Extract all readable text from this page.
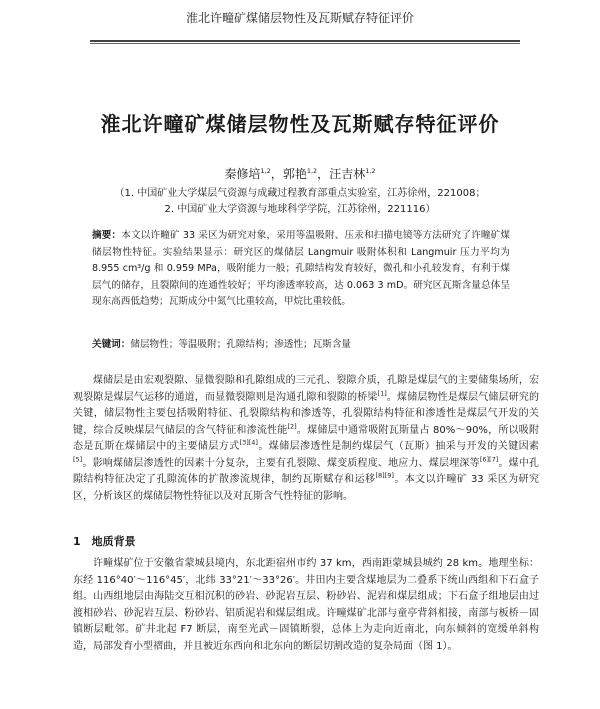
淮北许疃矿煤储层物性及瓦斯赋存特征评价
淮北许疃矿煤储层物性及瓦斯赋存特征评价
秦修培$^{1,2}$，郭艳$^{1,2}$，汪吉林$^{1,2}$
（1. 中国矿业大学煤层气资源与成藏过程教育部重点实验室，江苏徐州，221008；
2. 中国矿业大学资源与地球科学学院，江苏徐州，221116）
摘要：本文以许疃矿 33 采区为研究对象，采用等温吸附、压汞和扫描电镜等方法研究了许疃矿煤储层物性特征。实验结果显示：研究区的煤储层 Langmuir 吸附体积和 Langmuir 压力平均为 8.955 cm³/g 和 0.959 MPa，吸附能力一般；孔隙结构发育较好，微孔和小孔较发育，有利于煤层气的储存，且裂隙间的连通性较好；平均渗透率较高，达 0.063 3 mD。研究区瓦斯含量总体呈现东高西低趋势；瓦斯成分中氮气比重较高，甲烷比重较低。
关键词：储层物性；等温吸附；孔隙结构；渗透性；瓦斯含量
煤储层是由宏观裂隙、显微裂隙和孔隙组成的三元孔、裂隙介质，孔隙是煤层气的主要储集场所，宏观裂隙是煤层气运移的通道，而显微裂隙则是沟通孔隙和裂隙的桥梁[1]。煤储层物性是煤层气储层研究的关键，储层物性主要包括吸附特征、孔裂隙结构和渗透等，孔裂隙结构特征和渗透性是煤层气开发的关键，综合反映煤层气储层的含气特征和渗流性能[2]。煤储层中通常吸附瓦斯量占 80%～90%，所以吸附态是瓦斯在煤储层中的主要储层方式[3][4]。煤储层渗透性是制约煤层气（瓦斯）抽采与开发的关键因素[5]。影响煤储层渗透性的因素十分复杂，主要有孔裂隙、煤变质程度、地应力、煤层埋深等[6][7]。煤中孔隙结构特征决定了孔隙流体的扩散渗流规律，制约瓦斯赋存和运移[8][9]。本文以许疃矿 33 采区为研究区，分析该区的煤储层物性特征以及对瓦斯含气性特征的影响。
1　地质背景
许疃煤矿位于安徽省蒙城县境内，东北距宿州市约 37 km，西南距蒙城县城约 28 km。地理坐标：东经 116°40′～116°45′，北纬 33°21′～33°26′。井田内主要含煤地层为二叠系下统山西组和下石盒子组。山西组地层由海陆交互相沉积的砂岩、砂泥岩互层、粉砂岩、泥岩和煤层组成；下石盒子组地层由过渡相砂岩、砂泥岩互层、粉砂岩、铝质泥岩和煤层组成。许疃煤矿北部与童亭背斜相接，南部与板桥－固镇断层毗邻。矿井北起 F7 断层，南至光武－固镇断裂，总体上为走向近南北，向东倾斜的宽缓单斜构造，局部发育小型褶曲，并且被近东西向和北东向的断层切割改造的复杂局面（图 1）。
